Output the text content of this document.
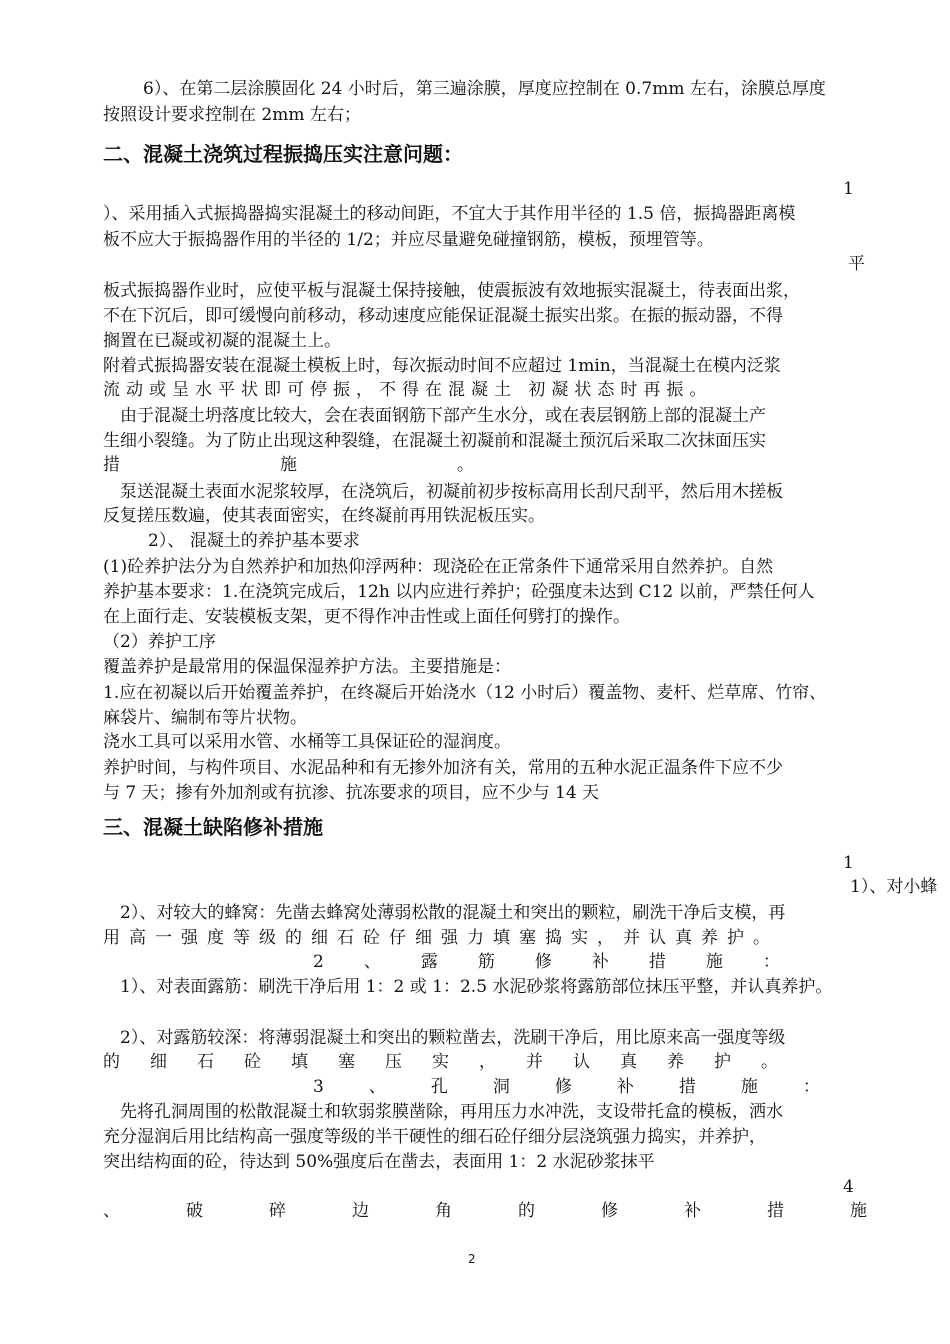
6）、在第二层涂膜固化 24 小时后，第三遍涂膜，厚度应控制在 0.7mm 左右，涂膜总厚度
按照设计要求控制在 2mm 左右；
二、混凝土浇筑过程振捣压实注意问题：
1
）、采用插入式振捣器捣实混凝土的移动间距，不宜大于其作用半径的 1.5 倍，振捣器距离模
板不应大于振捣器作用的半径的 1/2；并应尽量避免碰撞钢筋，模板，预埋管等。
平
板式振捣器作业时，应使平板与混凝土保持接触，使震振波有效地振实混凝土，待表面出浆，
不在下沉后，即可缓慢向前移动，移动速度应能保证混凝土振实出浆。在振的振动器，不得
搁置在已凝或初凝的混凝土上。
附着式振捣器安装在混凝土模板上时，每次振动时间不应超过 1min，当混凝土在模内泛浆
流动或呈水平状即可停振，不得在混凝土 初凝状态时再振。
由于混凝土坍落度比较大，会在表面钢筋下部产生水分，或在表层钢筋上部的混凝土产
生细小裂缝。为了防止出现这种裂缝，在混凝土初凝前和混凝土预沉后采取二次抹面压实
措施。
泵送混凝土表面水泥浆较厚，在浇筑后，初凝前初步按标高用长刮尺刮平，然后用木搓板
反复搓压数遍，使其表面密实，在终凝前再用铁泥板压实。
2）、 混凝土的养护基本要求
(1)砼养护法分为自然养护和加热仰浮两种：现浇砼在正常条件下通常采用自然养护。自然
养护基本要求：1.在浇筑完成后，12h 以内应进行养护；砼强度未达到 C12 以前，严禁任何人
在上面行走、安装模板支架，更不得作冲击性或上面任何劈打的操作。
（2）养护工序
覆盖养护是最常用的保温保湿养护方法。主要措施是：
1.应在初凝以后开始覆盖养护，在终凝后开始浇水（12 小时后）覆盖物、麦杆、烂草席、竹帘、
麻袋片、编制布等片状物。
浇水工具可以采用水管、水桶等工具保证砼的湿润度。
养护时间，与构件项目、水泥品种和有无掺外加济有关，常用的五种水泥正温条件下应不少
与 7 天；掺有外加剂或有抗渗、抗冻要求的项目，应不少与 14 天
三、混凝土缺陷修补措施
1
1）、对小蜂
2）、对较大的蜂窝：先凿去蜂窝处薄弱松散的混凝土和突出的颗粒，刷洗干净后支模，再
用高一强度等级的细石砼仔细强力填塞捣实，并认真养护。
2、露筋修补措施：
1）、对表面露筋：刷洗干净后用 1：2 或 1：2.5 水泥砂浆将露筋部位抹压平整，并认真养护。
2）、对露筋较深：将薄弱混凝土和突出的颗粒凿去，洗刷干净后，用比原来高一强度等级
的细石砼填塞压实，并认真养护。
3、孔洞修补措施：
先将孔洞周围的松散混凝土和软弱浆膜凿除，再用压力水冲洗，支设带托盒的模板，洒水
充分湿润后用比结构高一强度等级的半干硬性的细石砼仔细分层浇筑强力捣实，并养护，
突出结构面的砼，待达到 50%强度后在凿去，表面用 1：2 水泥砂浆抹平
4
、破碎边角的修补措施
2
